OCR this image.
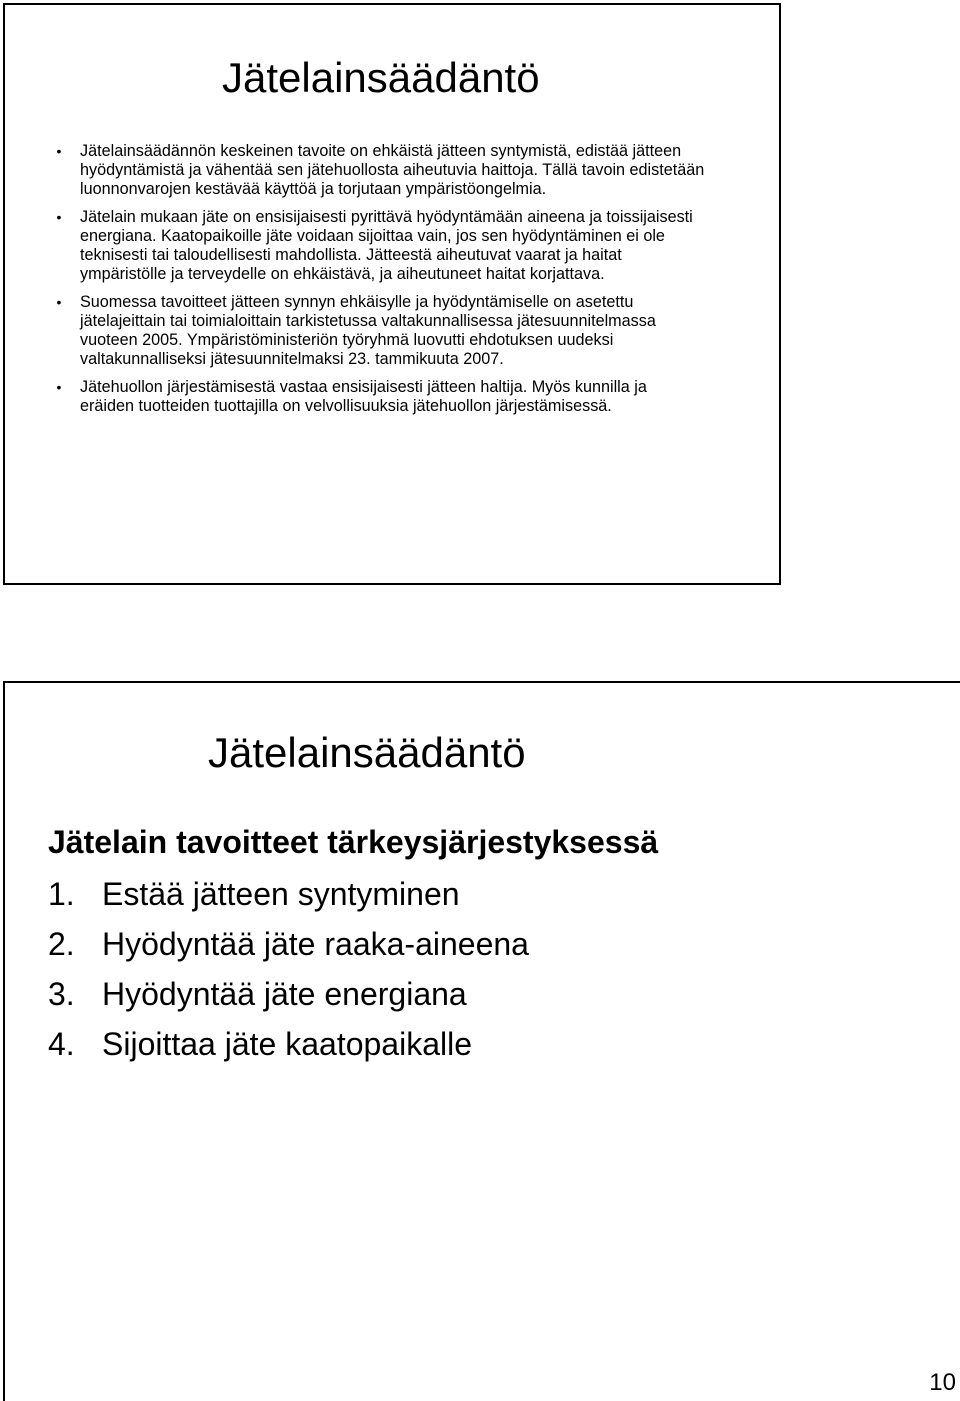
Jätelainsäädäntö
• Jätelainsäädännön keskeinen tavoite on ehkäistä jätteen syntymistä, edistää jätteen hyödyntämistä ja vähentää sen jätehuollosta aiheutuvia haittoja. Tällä tavoin edistetään luonnonvarojen kestävää käyttöä ja torjutaan ympäristöongelmia.
• Jätelain mukaan jäte on ensisijaisesti pyrittävä hyödyntämään aineena ja toissijaisesti energiana. Kaatopaikoille jäte voidaan sijoittaa vain, jos sen hyödyntäminen ei ole teknisesti tai taloudellisesti mahdollista. Jätteestä aiheutuvat vaarat ja haitat ympäristölle ja terveydelle on ehkäistävä, ja aiheutuneet haitat korjattava.
• Suomessa tavoitteet jätteen synnyn ehkäisylle ja hyödyntämiselle on asetettu jätelajeittain tai toimialoittain tarkistetussa valtakunnallisessa jätesuunnitelmassa vuoteen 2005. Ympäristöministeriön työryhmä luovutti ehdotuksen uudeksi valtakunnalliseksi jätesuunnitelmaksi 23. tammikuuta 2007.
• Jätehuollon järjestämisestä vastaa ensisijaisesti jätteen haltija. Myös kunnilla ja eräiden tuotteiden tuottajilla on velvollisuuksia jätehuollon järjestämisessä.
Jätelainsäädäntö
Jätelain tavoitteet tärkeysjärjestyksessä
1. Estää jätteen syntyminen
2. Hyödyntää jäte raaka-aineena
3. Hyödyntää jäte energiana
4. Sijoittaa jäte kaatopaikalle
10
